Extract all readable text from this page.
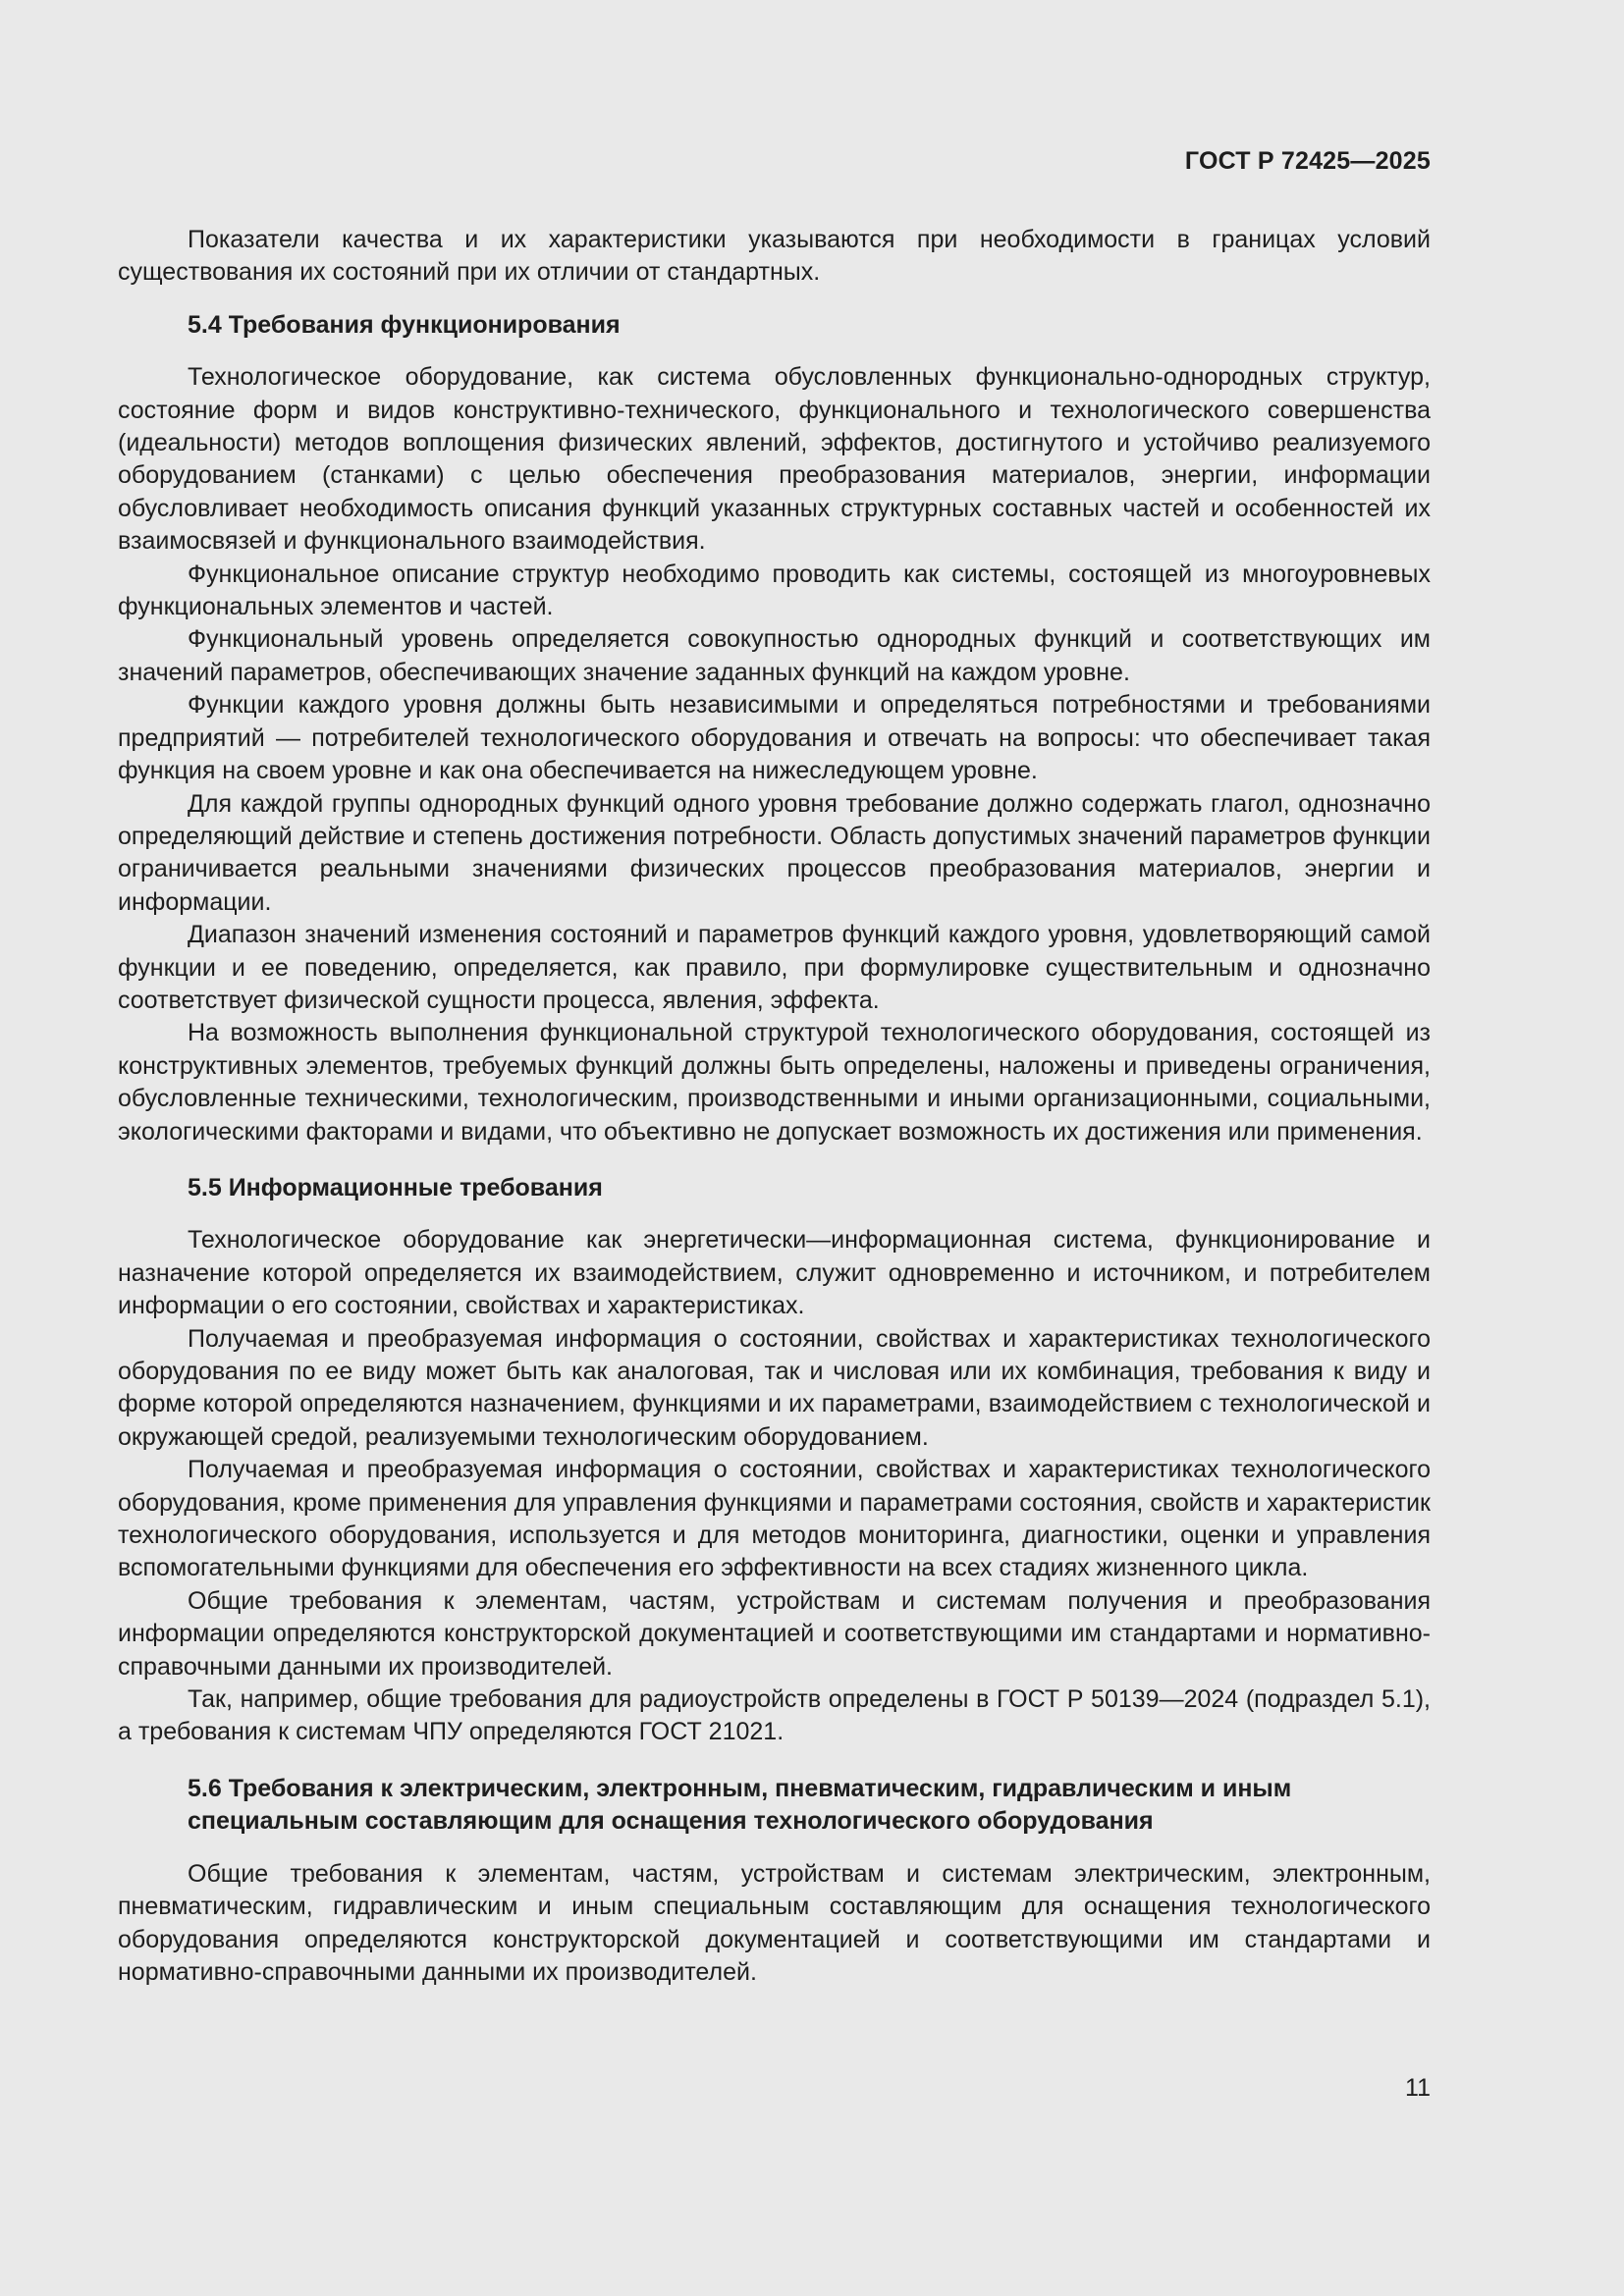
ГОСТ Р 72425—2025

Показатели качества и их характеристики указываются при необходимости в границах условий существования их состояний при их отличии от стандартных.

5.4 Требования функционирования

Технологическое оборудование, как система обусловленных функционально-однородных структур, состояние форм и видов конструктивно-технического, функционального и технологического совершенства (идеальности) методов воплощения физических явлений, эффектов, достигнутого и устойчиво реализуемого оборудованием (станками) с целью обеспечения преобразования материалов, энергии, информации обусловливает необходимость описания функций указанных структурных составных частей и особенностей их взаимосвязей и функционального взаимодействия.

Функциональное описание структур необходимо проводить как системы, состоящей из многоуровневых функциональных элементов и частей.

Функциональный уровень определяется совокупностью однородных функций и соответствующих им значений параметров, обеспечивающих значение заданных функций на каждом уровне.

Функции каждого уровня должны быть независимыми и определяться потребностями и требованиями предприятий — потребителей технологического оборудования и отвечать на вопросы: что обеспечивает такая функция на своем уровне и как она обеспечивается на нижеследующем уровне.

Для каждой группы однородных функций одного уровня требование должно содержать глагол, однозначно определяющий действие и степень достижения потребности. Область допустимых значений параметров функции ограничивается реальными значениями физических процессов преобразования материалов, энергии и информации.

Диапазон значений изменения состояний и параметров функций каждого уровня, удовлетворяющий самой функции и ее поведению, определяется, как правило, при формулировке существительным и однозначно соответствует физической сущности процесса, явления, эффекта.

На возможность выполнения функциональной структурой технологического оборудования, состоящей из конструктивных элементов, требуемых функций должны быть определены, наложены и приведены ограничения, обусловленные техническими, технологическим, производственными и иными организационными, социальными, экологическими факторами и видами, что объективно не допускает возможность их достижения или применения.

5.5 Информационные требования

Технологическое оборудование как энергетически—информационная система, функционирование и назначение которой определяется их взаимодействием, служит одновременно и источником, и потребителем информации о его состоянии, свойствах и характеристиках.

Получаемая и преобразуемая информация о состоянии, свойствах и характеристиках технологического оборудования по ее виду может быть как аналоговая, так и числовая или их комбинация, требования к виду и форме которой определяются назначением, функциями и их параметрами, взаимодействием с технологической и окружающей средой, реализуемыми технологическим оборудованием.

Получаемая и преобразуемая информация о состоянии, свойствах и характеристиках технологического оборудования, кроме применения для управления функциями и параметрами состояния, свойств и характеристик технологического оборудования, используется и для методов мониторинга, диагностики, оценки и управления вспомогательными функциями для обеспечения его эффективности на всех стадиях жизненного цикла.

Общие требования к элементам, частям, устройствам и системам получения и преобразования информации определяются конструкторской документацией и соответствующими им стандартами и нормативно-справочными данными их производителей.

Так, например, общие требования для радиоустройств определены в ГОСТ Р 50139—2024 (подраздел 5.1), а требования к системам ЧПУ определяются ГОСТ 21021.

5.6 Требования к электрическим, электронным, пневматическим, гидравлическим и иным специальным составляющим для оснащения технологического оборудования

Общие требования к элементам, частям, устройствам и системам электрическим, электронным, пневматическим, гидравлическим и иным специальным составляющим для оснащения технологического оборудования определяются конструкторской документацией и соответствующими им стандартами и нормативно-справочными данными их производителей.

11
